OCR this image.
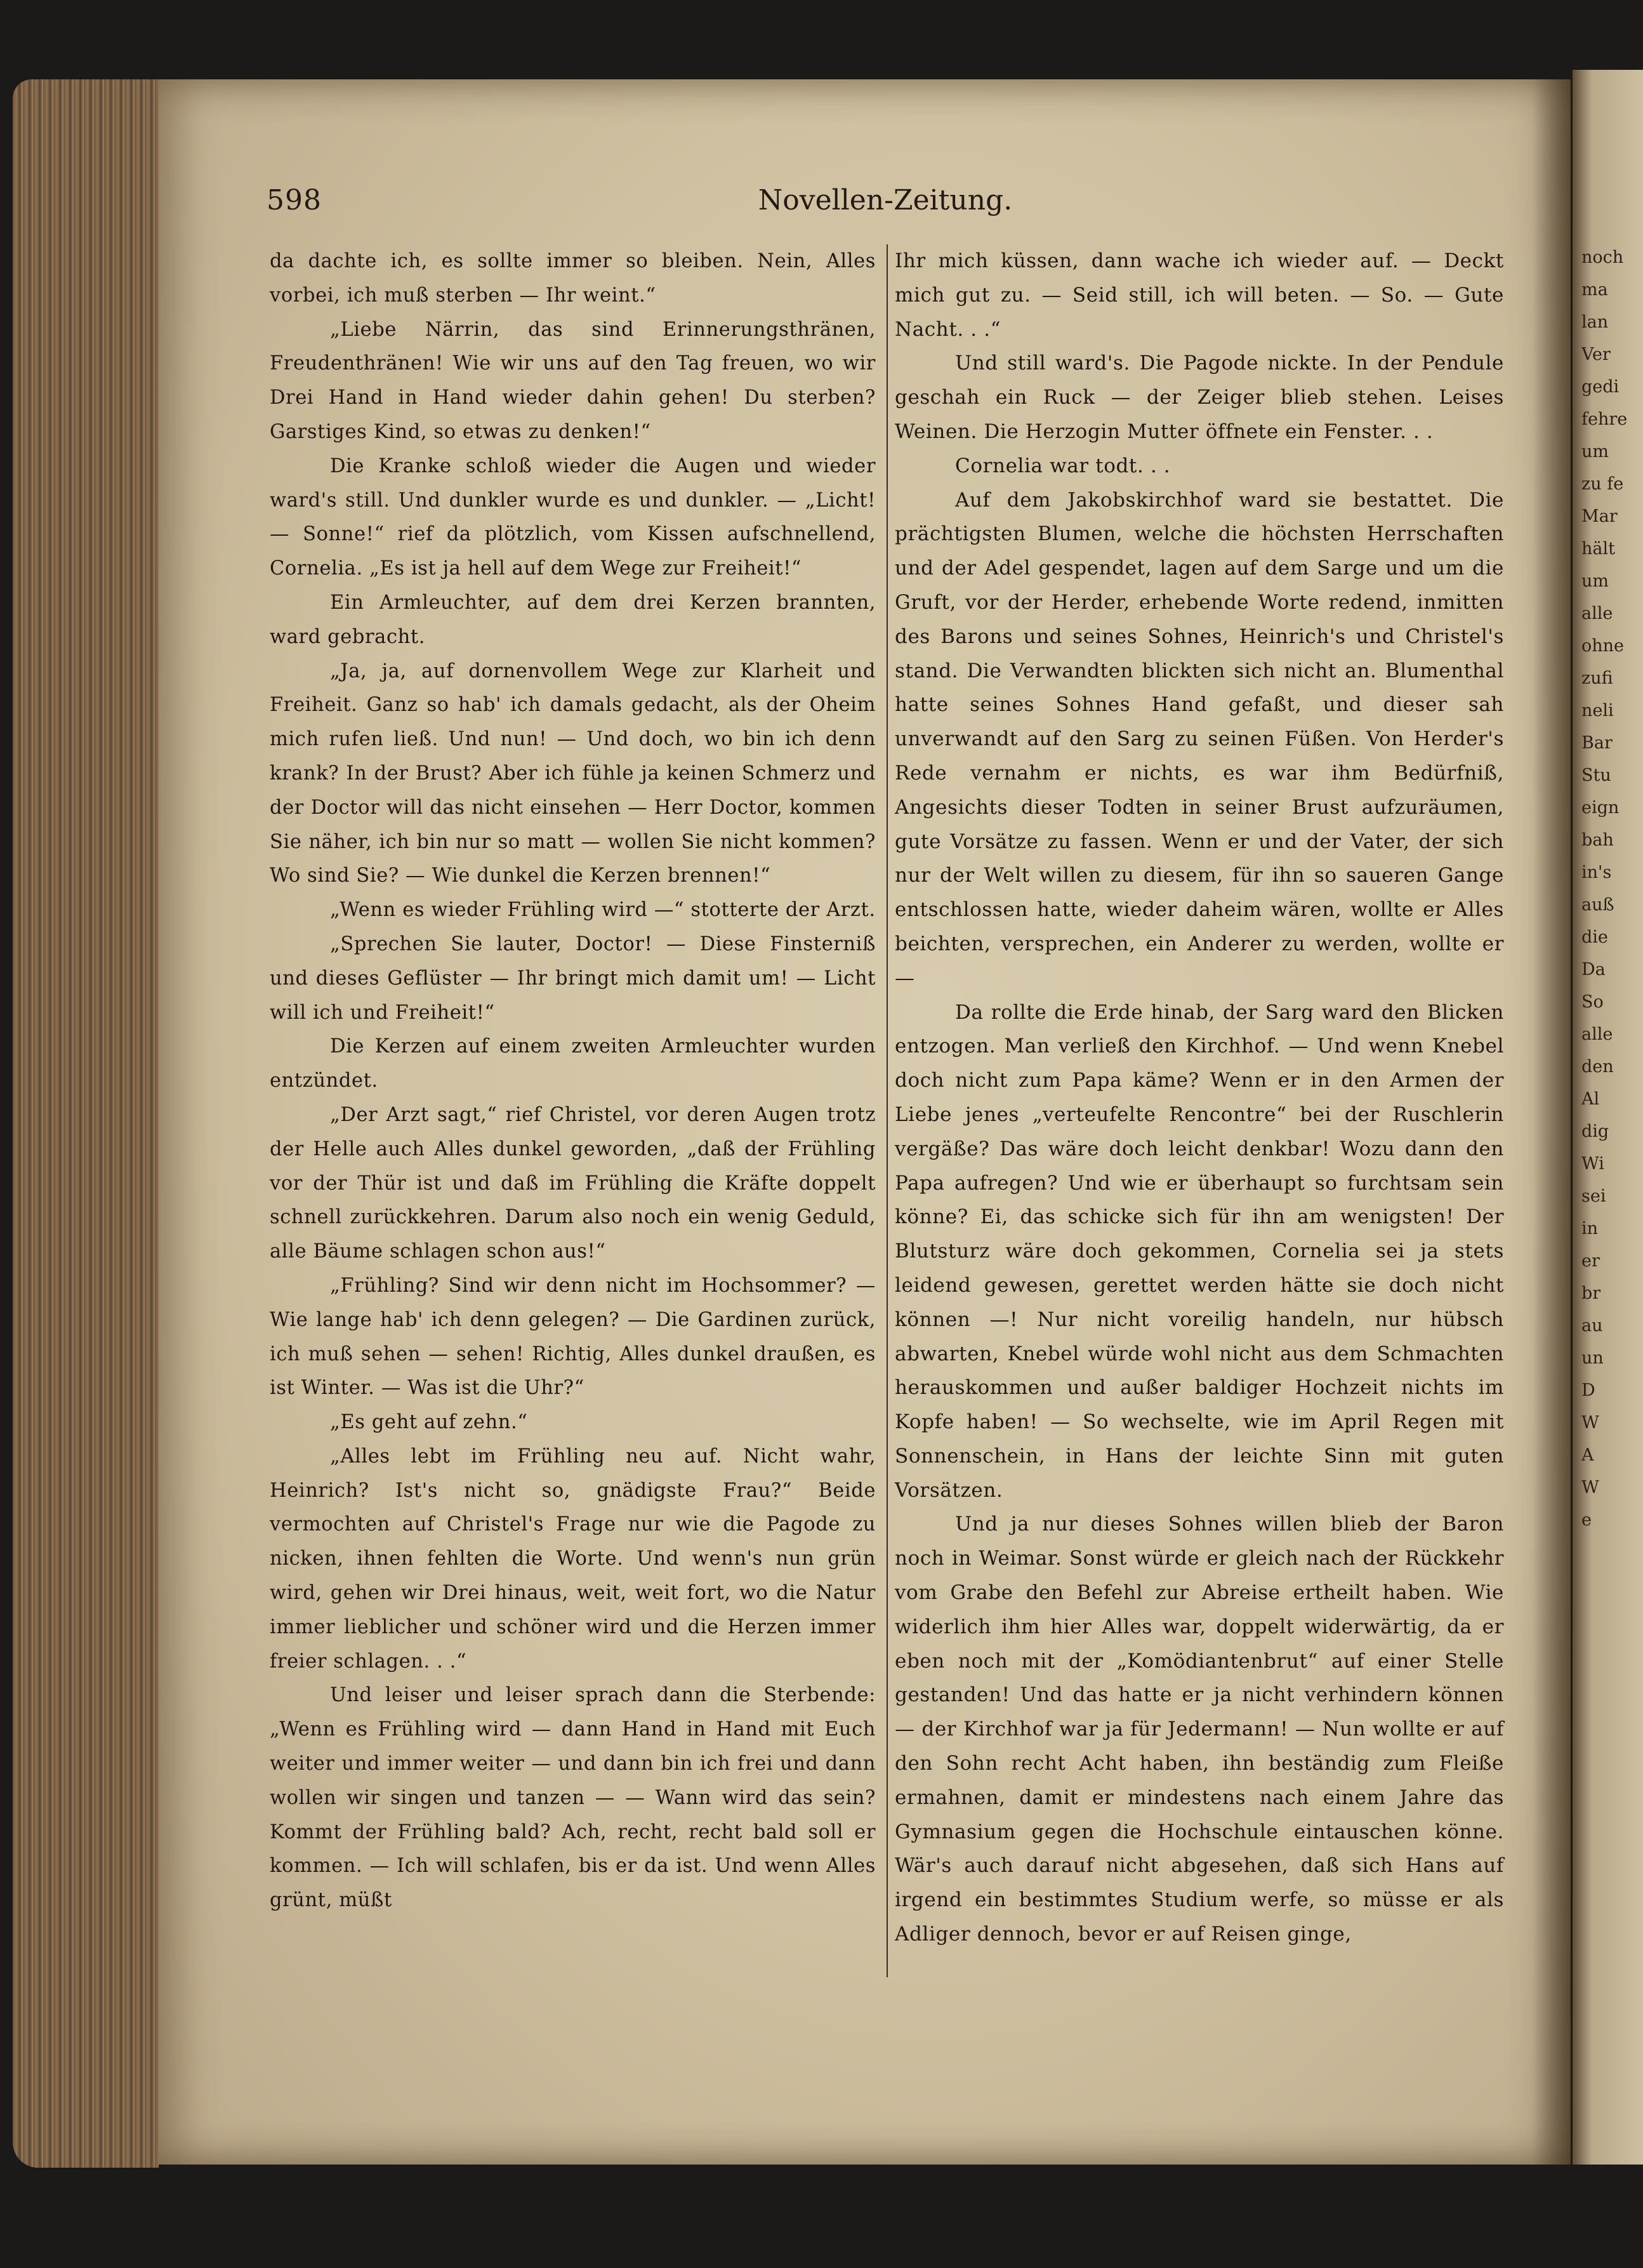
noch
ma
lan
Ver
gedi
fehre
um
zu fe
Mar
hält
um
alle
ohne
zufi
neli
Bar
Stu
eign
bah
in's
auß
die
Da
So
alle
den
Al
dig
Wi
sei
in
er
br
au
un
D
W
A
W
e
598	Novellen-Zeitung.

da dachte ich, es sollte immer so bleiben. Nein, Alles vorbei, ich muß sterben — Ihr weint.“

„Liebe Närrin, das sind Erinnerungsthränen, Freudenthränen! Wie wir uns auf den Tag freuen, wo wir Drei Hand in Hand wieder dahin gehen! Du sterben? Garstiges Kind, so etwas zu denken!“

Die Kranke schloß wieder die Augen und wieder ward's still. Und dunkler wurde es und dunkler. — „Licht! — Sonne!“ rief da plötzlich, vom Kissen aufschnellend, Cornelia. „Es ist ja hell auf dem Wege zur Freiheit!“

Ein Armleuchter, auf dem drei Kerzen brannten, ward gebracht.

„Ja, ja, auf dornenvollem Wege zur Klarheit und Freiheit. Ganz so hab' ich damals gedacht, als der Oheim mich rufen ließ. Und nun! — Und doch, wo bin ich denn krank? In der Brust? Aber ich fühle ja keinen Schmerz und der Doctor will das nicht einsehen — Herr Doctor, kommen Sie näher, ich bin nur so matt — wollen Sie nicht kommen? Wo sind Sie? — Wie dunkel die Kerzen brennen!“

„Wenn es wieder Frühling wird —“ stotterte der Arzt.

„Sprechen Sie lauter, Doctor! — Diese Finsterniß und dieses Geflüster — Ihr bringt mich damit um! — Licht will ich und Freiheit!“

Die Kerzen auf einem zweiten Armleuchter wurden entzündet.

„Der Arzt sagt,“ rief Christel, vor deren Augen trotz der Helle auch Alles dunkel geworden, „daß der Frühling vor der Thür ist und daß im Frühling die Kräfte doppelt schnell zurückkehren. Darum also noch ein wenig Geduld, alle Bäume schlagen schon aus!“

„Frühling? Sind wir denn nicht im Hochsommer? — Wie lange hab' ich denn gelegen? — Die Gardinen zurück, ich muß sehen — sehen! Richtig, Alles dunkel draußen, es ist Winter. — Was ist die Uhr?“

„Es geht auf zehn.“

„Alles lebt im Frühling neu auf. Nicht wahr, Heinrich? Ist's nicht so, gnädigste Frau?“ Beide vermochten auf Christel's Frage nur wie die Pagode zu nicken, ihnen fehlten die Worte. Und wenn's nun grün wird, gehen wir Drei hinaus, weit, weit fort, wo die Natur immer lieblicher und schöner wird und die Herzen immer freier schlagen. . .“

Und leiser und leiser sprach dann die Sterbende: „Wenn es Frühling wird — dann Hand in Hand mit Euch weiter und immer weiter — und dann bin ich frei und dann wollen wir singen und tanzen — — Wann wird das sein? Kommt der Frühling bald? Ach, recht, recht bald soll er kommen. — Ich will schlafen, bis er da ist. Und wenn Alles grünt, müßt

Ihr mich küssen, dann wache ich wieder auf. — Deckt mich gut zu. — Seid still, ich will beten. — So. — Gute Nacht. . .“

Und still ward's. Die Pagode nickte. In der Pendule geschah ein Ruck — der Zeiger blieb stehen. Leises Weinen. Die Herzogin Mutter öffnete ein Fenster. . .

Cornelia war todt. . .

Auf dem Jakobskirchhof ward sie bestattet. Die prächtigsten Blumen, welche die höchsten Herrschaften und der Adel gespendet, lagen auf dem Sarge und um die Gruft, vor der Herder, erhebende Worte redend, inmitten des Barons und seines Sohnes, Heinrich's und Christel's stand. Die Verwandten blickten sich nicht an. Blumenthal hatte seines Sohnes Hand gefaßt, und dieser sah unverwandt auf den Sarg zu seinen Füßen. Von Herder's Rede vernahm er nichts, es war ihm Bedürfniß, Angesichts dieser Todten in seiner Brust aufzuräumen, gute Vorsätze zu fassen. Wenn er und der Vater, der sich nur der Welt willen zu diesem, für ihn so saueren Gange entschlossen hatte, wieder daheim wären, wollte er Alles beichten, versprechen, ein Anderer zu werden, wollte er —

Da rollte die Erde hinab, der Sarg ward den Blicken entzogen. Man verließ den Kirchhof. — Und wenn Knebel doch nicht zum Papa käme? Wenn er in den Armen der Liebe jenes „verteufelte Rencontre“ bei der Ruschlerin vergäße? Das wäre doch leicht denkbar! Wozu dann den Papa aufregen? Und wie er überhaupt so furchtsam sein könne? Ei, das schicke sich für ihn am wenigsten! Der Blutsturz wäre doch gekommen, Cornelia sei ja stets leidend gewesen, gerettet werden hätte sie doch nicht können —! Nur nicht voreilig handeln, nur hübsch abwarten, Knebel würde wohl nicht aus dem Schmachten herauskommen und außer baldiger Hochzeit nichts im Kopfe haben! — So wechselte, wie im April Regen mit Sonnenschein, in Hans der leichte Sinn mit guten Vorsätzen.

Und ja nur dieses Sohnes willen blieb der Baron noch in Weimar. Sonst würde er gleich nach der Rückkehr vom Grabe den Befehl zur Abreise ertheilt haben. Wie widerlich ihm hier Alles war, doppelt widerwärtig, da er eben noch mit der „Komödiantenbrut“ auf einer Stelle gestanden! Und das hatte er ja nicht verhindern können — der Kirchhof war ja für Jedermann! — Nun wollte er auf den Sohn recht Acht haben, ihn beständig zum Fleiße ermahnen, damit er mindestens nach einem Jahre das Gymnasium gegen die Hochschule eintauschen könne. Wär's auch darauf nicht abgesehen, daß sich Hans auf irgend ein bestimmtes Studium werfe, so müsse er als Adliger dennoch, bevor er auf Reisen ginge,
